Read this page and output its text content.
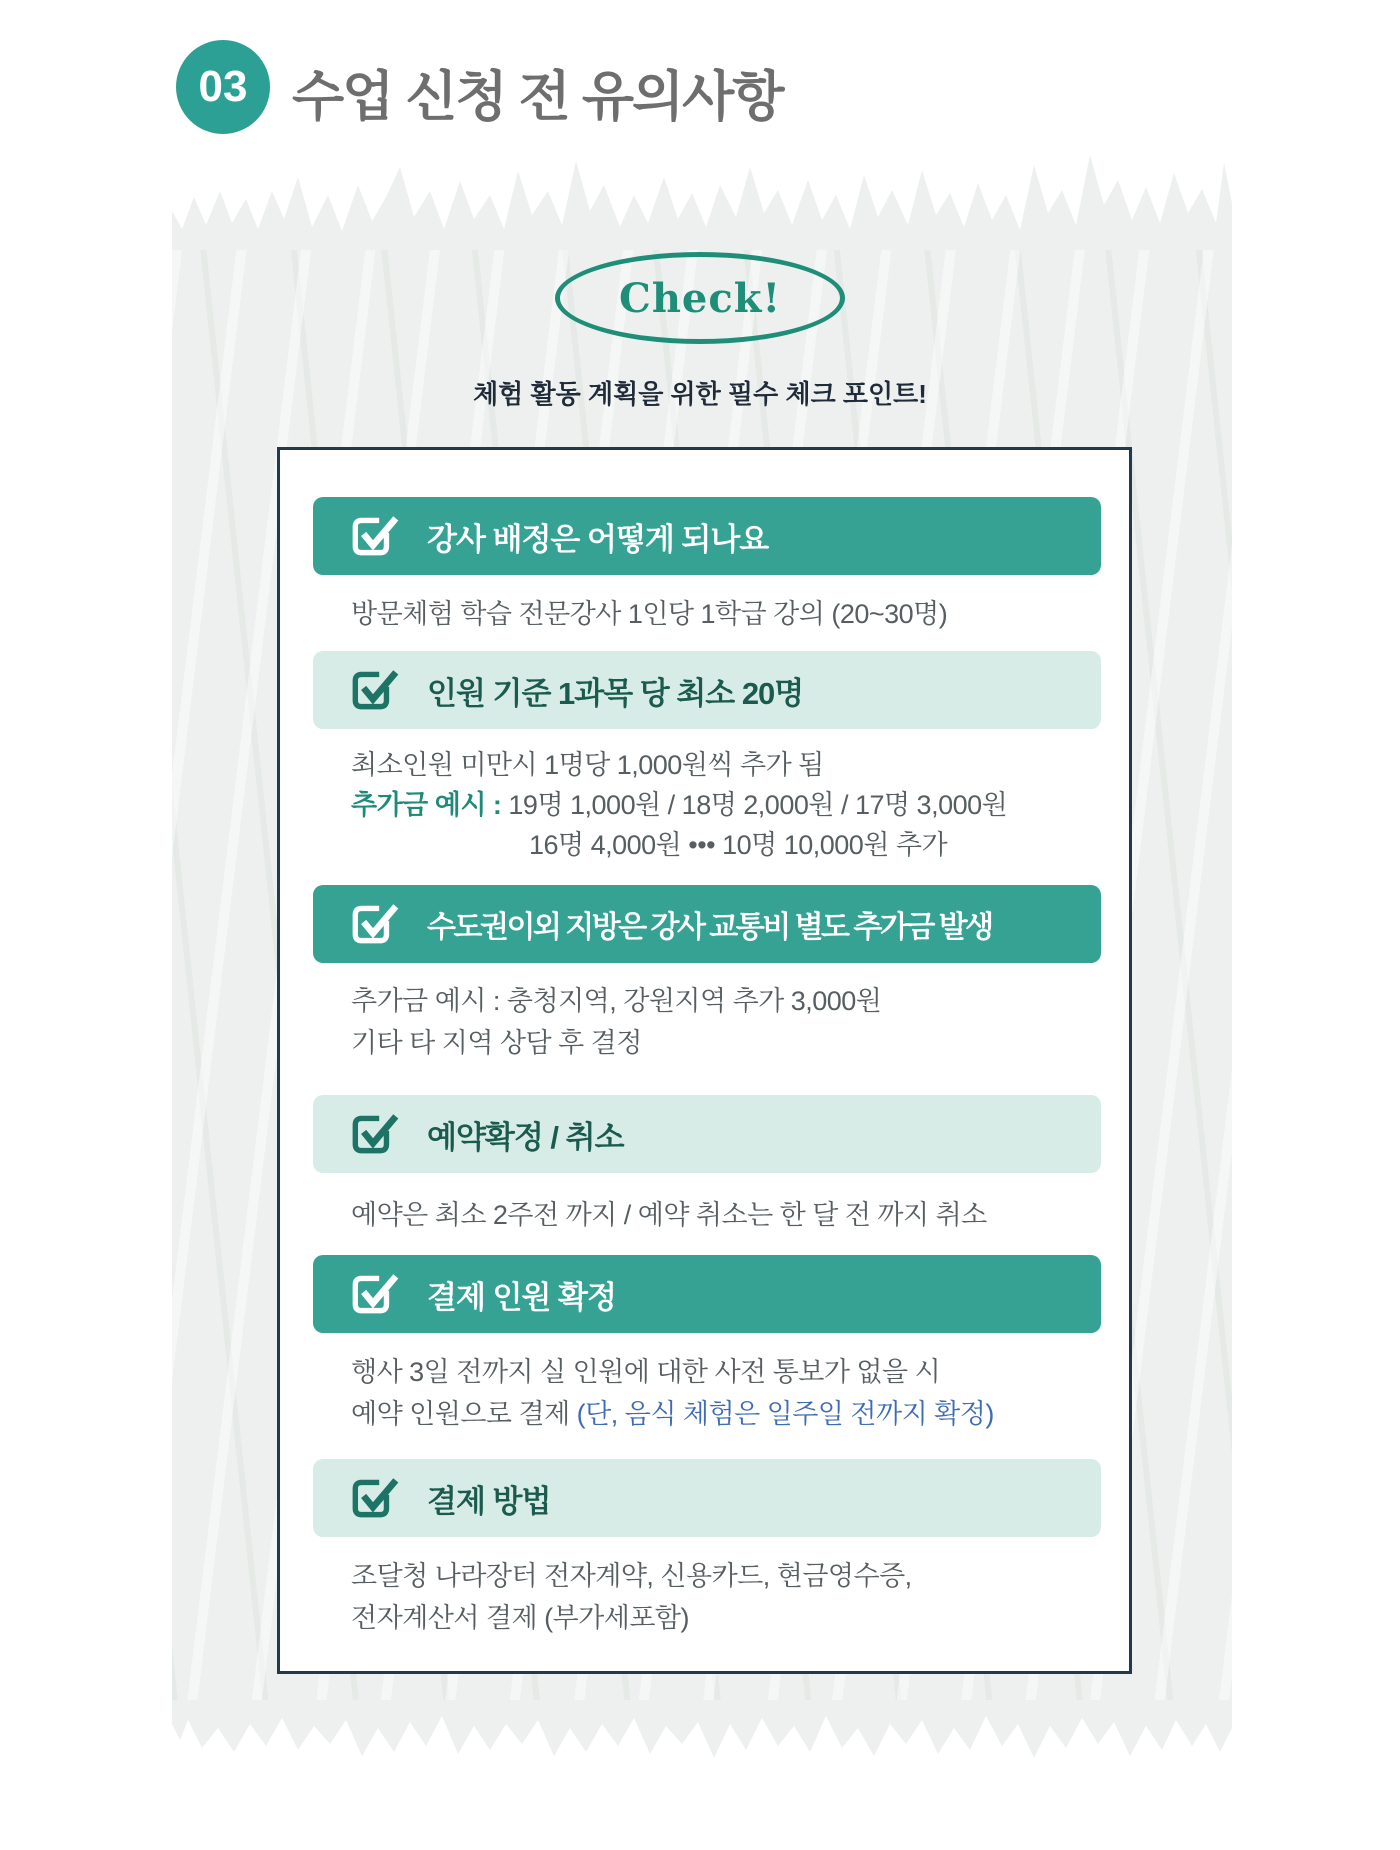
03 수업 신청 전 유의사항
Check!

체험 활동 계획을 위한 필수 체크 포인트!

강사 배정은 어떻게 되나요

방문체험 학습 전문강사 1인당 1학급 강의 (20~30명)

인원 기준 1과목 당 최소 20명

최소인원 미만시 1명당 1,000원씩 추가 됨

추가금 예시 : 19명 1,000원 / 18명 2,000원 / 17명 3,000원

16명 4,000원 ••• 10명 10,000원 추가

수도권이외 지방은 강사 교통비 별도 추가금 발생

추가금 예시 : 충청지역, 강원지역 추가 3,000원

기타 타 지역 상담 후 결정

예약확정 / 취소

예약은 최소 2주전 까지 / 예약 취소는 한 달 전 까지 취소

결제 인원 확정

행사 3일 전까지 실 인원에 대한 사전 통보가 없을 시

예약 인원으로 결제 (단, 음식 체험은 일주일 전까지 확정)

결제 방법

조달청 나라장터 전자계약, 신용카드, 현금영수증,

전자계산서 결제 (부가세포함)
